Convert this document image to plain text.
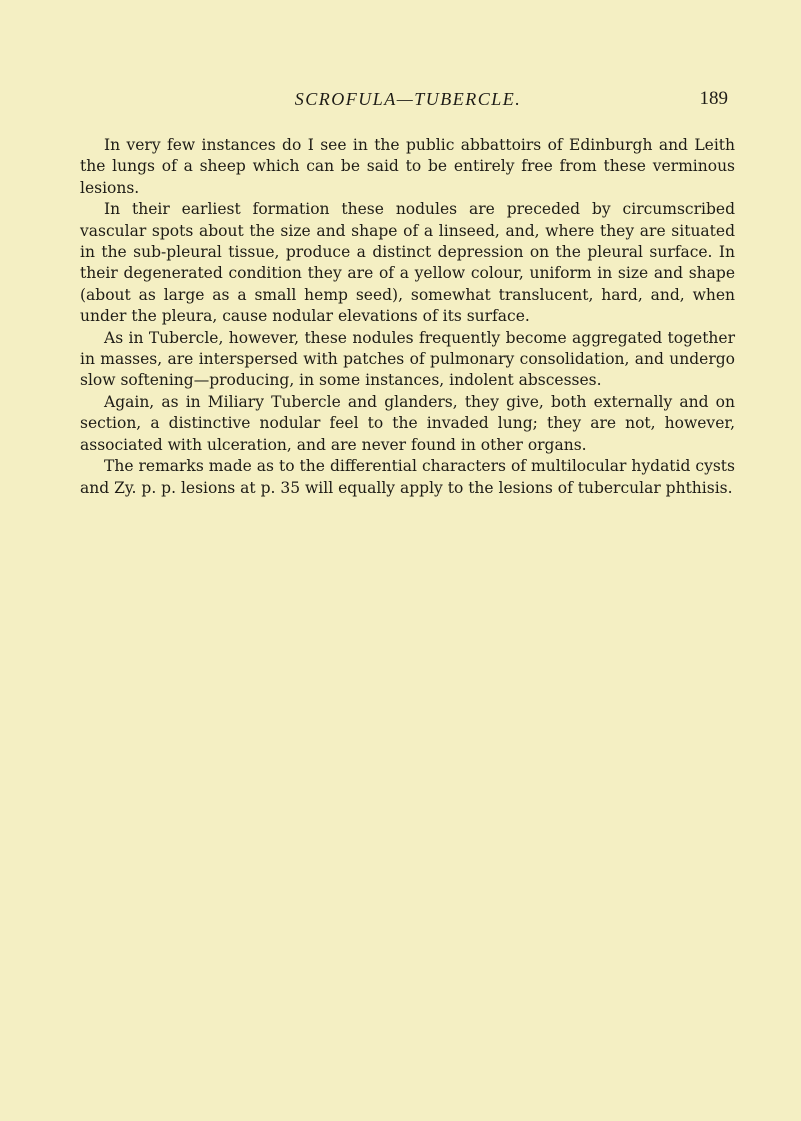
SCROFULA—TUBERCLE.	189

In very few instances do I see in the public abbattoirs of Edinburgh and Leith the lungs of a sheep which can be said to be entirely free from these verminous lesions.

In their earliest formation these nodules are preceded by circumscribed vascular spots about the size and shape of a linseed, and, where they are situated in the sub-pleural tissue, produce a distinct depression on the pleural surface. In their degenerated condition they are of a yellow colour, uniform in size and shape (about as large as a small hemp seed), somewhat translucent, hard, and, when under the pleura, cause nodular elevations of its surface.

As in Tubercle, however, these nodules frequently become aggregated together in masses, are interspersed with patches of pulmonary consolidation, and undergo slow softening—producing, in some instances, indolent abscesses.

Again, as in Miliary Tubercle and glanders, they give, both externally and on section, a distinctive nodular feel to the invaded lung; they are not, however, associated with ulceration, and are never found in other organs.

The remarks made as to the differential characters of multilocular hydatid cysts and Zy. p. p. lesions at p. 35 will equally apply to the lesions of tubercular phthisis.
